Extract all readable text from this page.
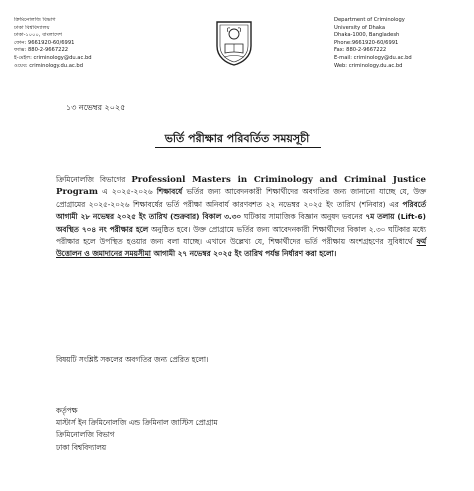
ক্রিমিনোলজি বিভাগ
ঢাকা বিশ্ববিদ্যালয়
ঢাকা-১০০০, বাংলাদেশ
ফোন: 9661920-60/6991
ফ্যাক্স: 880-2-9667222
ই-মেইল: criminology@du.ac.bd
ওয়েব: criminology.du.ac.bd
Department of Criminology
University of Dhaka
Dhaka-1000, Bangladesh
Phone:9661920-60/6991
Fax: 880-2-9667222
E-mail: criminology@du.ac.bd
Web: criminology.du.ac.bd
১৩ নভেম্বর ২০২৫
ভর্তি পরীক্ষার পরিবর্তিত সময়সূচী
ক্রিমিনোলজি বিভাগের Professionl Masters in Criminology and Criminal Justice Program এ ২০২৫-২০২৬ শিক্ষাবর্ষে ভর্তির জন্য আবেদনকারী শিক্ষার্থীদের অবগতির জন্য জানানো যাচ্ছে যে, উক্ত প্রোগ্রামের ২০২৫-২০২৬ শিক্ষাবর্ষের ভর্তি পরীক্ষা অনিবার্য কারণবশত ২২ নভেম্বর ২০২৫ ইং তারিখ (শনিবার) এর পরিবর্তে আগামী ২৮ নভেম্বর ২০২৫ ইং তারিখ (শুক্রবার) বিকাল ৩.৩০ ঘটিকায় সামাজিক বিজ্ঞান অনুষদ ভবনের ৭ম তলায় (Lift-6) অবস্থিত ৭০৪ নং পরীক্ষার হলে অনুষ্ঠিত হবে। উক্ত প্রোগ্রামে ভর্তির জন্য আবেদনকারী শিক্ষার্থীদের বিকাল ২.৩০ ঘটিকার মধ্যে পরীক্ষার হলে উপস্থিত হওয়ার জন্য বলা যাচ্ছে। এখানে উল্লেখ্য যে, শিক্ষার্থীদের ভর্তি পরীক্ষায় অংশগ্রহণের সুবিধার্থে ফর্ম উত্তোলন ও জমাদানের সময়সীমা আগামী ২৭ নভেম্বর ২০২৫ ইং তারিখ পর্যন্ত নির্ধারণ করা হলো।
বিষয়টি সংশ্লিষ্ট সকলের অবগতির জন্য প্রেরিত হলো।
কর্তৃপক্ষ
মাস্টার্স ইন ক্রিমিনোলজি এন্ড ক্রিমিনাল জাস্টিস প্রোগ্রাম
ক্রিমিনোলজি বিভাগ
ঢাকা বিশ্ববিদ্যালয়
